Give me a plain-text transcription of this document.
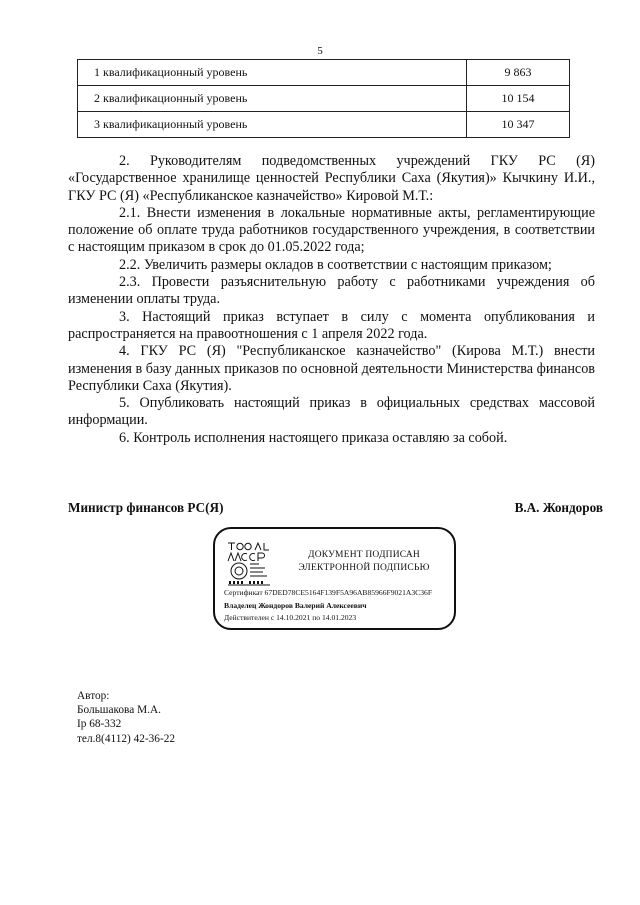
5
1 квалификационный уровень	9 863
2 квалификационный уровень	10 154
3 квалификационный уровень	10 347

2. Руководителям подведомственных учреждений ГКУ РС (Я) «Государственное хранилище ценностей Республики Саха (Якутия)» Кычкину И.И., ГКУ РС (Я) «Республиканское казначейство» Кировой М.Т.:

2.1. Внести изменения в локальные нормативные акты, регламентирующие положение об оплате труда работников государственного учреждения, в соответствии с настоящим приказом в срок до 01.05.2022 года;

2.2. Увеличить размеры окладов в соответствии с настоящим приказом;

2.3. Провести разъяснительную работу с работниками учреждения об изменении оплаты труда.

3. Настоящий приказ вступает в силу с момента опубликования и распространяется на правоотношения с 1 апреля 2022 года.

4. ГКУ РС (Я) "Республиканское казначейство" (Кирова М.Т.) внести изменения в базу данных приказов по основной деятельности Министерства финансов Республики Саха (Якутия).

5. Опубликовать настоящий приказ в официальных средствах массовой информации.

6. Контроль исполнения настоящего приказа оставляю за собой.

Министр финансов РС(Я)	В.А. Жондоров
ДОКУМЕНТ ПОДПИСАН
ЭЛЕКТРОННОЙ ПОДПИСЬЮ
Сертификат 67DED78CE5164F139F5A96AB85966F9021A3C36F
Владелец Жондоров Валерий Алексеевич
Действителен с 14.10.2021 по 14.01.2023
Автор:
Большакова М.А.
Ip 68-332
тел.8(4112) 42-36-22
